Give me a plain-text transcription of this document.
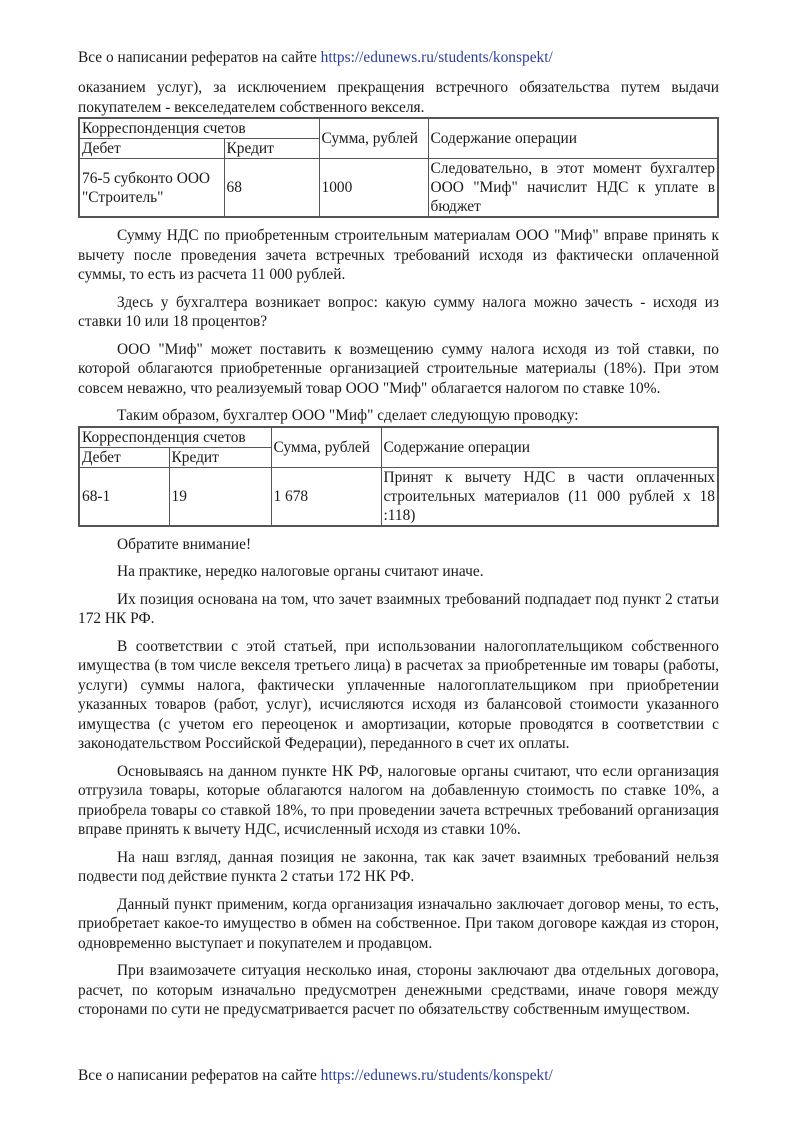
Все о написании рефератов на сайте https://edunews.ru/students/konspekt/

оказанием услуг), за исключением прекращения встречного обязательства путем выдачи покупателем - векселедателем собственного векселя.

Корреспонденция счетов		Сумма, рублей	Содержание операции
Дебет	Кредит		
76-5 субконто ООО "Строитель"	68	1000	Следовательно, в этот момент бухгалтер ООО "Миф" начислит НДС к уплате в бюджет

Сумму НДС по приобретенным строительным материалам ООО "Миф" вправе принять к вычету после проведения зачета встречных требований исходя из фактически оплаченной суммы, то есть из расчета 11 000 рублей.

Здесь у бухгалтера возникает вопрос: какую сумму налога можно зачесть - исходя из ставки 10 или 18 процентов?

ООО "Миф" может поставить к возмещению сумму налога исходя из той ставки, по которой облагаются приобретенные организацией строительные материалы (18%). При этом совсем неважно, что реализуемый товар ООО "Миф" облагается налогом по ставке 10%.

Таким образом, бухгалтер ООО "Миф" сделает следующую проводку:

Корреспонденция счетов		Сумма, рублей	Содержание операции
Дебет	Кредит		
68-1	19	1 678	Принят к вычету НДС в части оплаченных строительных материалов (11 000 рублей х 18 :118)

Обратите внимание!

На практике, нередко налоговые органы считают иначе.

Их позиция основана на том, что зачет взаимных требований подпадает под пункт 2 статьи 172 НК РФ.

В соответствии с этой статьей, при использовании налогоплательщиком собственного имущества (в том числе векселя третьего лица) в расчетах за приобретенные им товары (работы, услуги) суммы налога, фактически уплаченные налогоплательщиком при приобретении указанных товаров (работ, услуг), исчисляются исходя из балансовой стоимости указанного имущества (с учетом его переоценок и амортизации, которые проводятся в соответствии с законодательством Российской Федерации), переданного в счет их оплаты.

Основываясь на данном пункте НК РФ, налоговые органы считают, что если организация отгрузила товары, которые облагаются налогом на добавленную стоимость по ставке 10%, а приобрела товары со ставкой 18%, то при проведении зачета встречных требований организация вправе принять к вычету НДС, исчисленный исходя из ставки 10%.

На наш взгляд, данная позиция не законна, так как зачет взаимных требований нельзя подвести под действие пункта 2 статьи 172 НК РФ.

Данный пункт применим, когда организация изначально заключает договор мены, то есть, приобретает какое-то имущество в обмен на собственное. При таком договоре каждая из сторон, одновременно выступает и покупателем и продавцом.

При взаимозачете ситуация несколько иная, стороны заключают два отдельных договора, расчет, по которым изначально предусмотрен денежными средствами, иначе говоря между сторонами по сути не предусматривается расчет по обязательству собственным имуществом.

Все о написании рефератов на сайте https://edunews.ru/students/konspekt/
